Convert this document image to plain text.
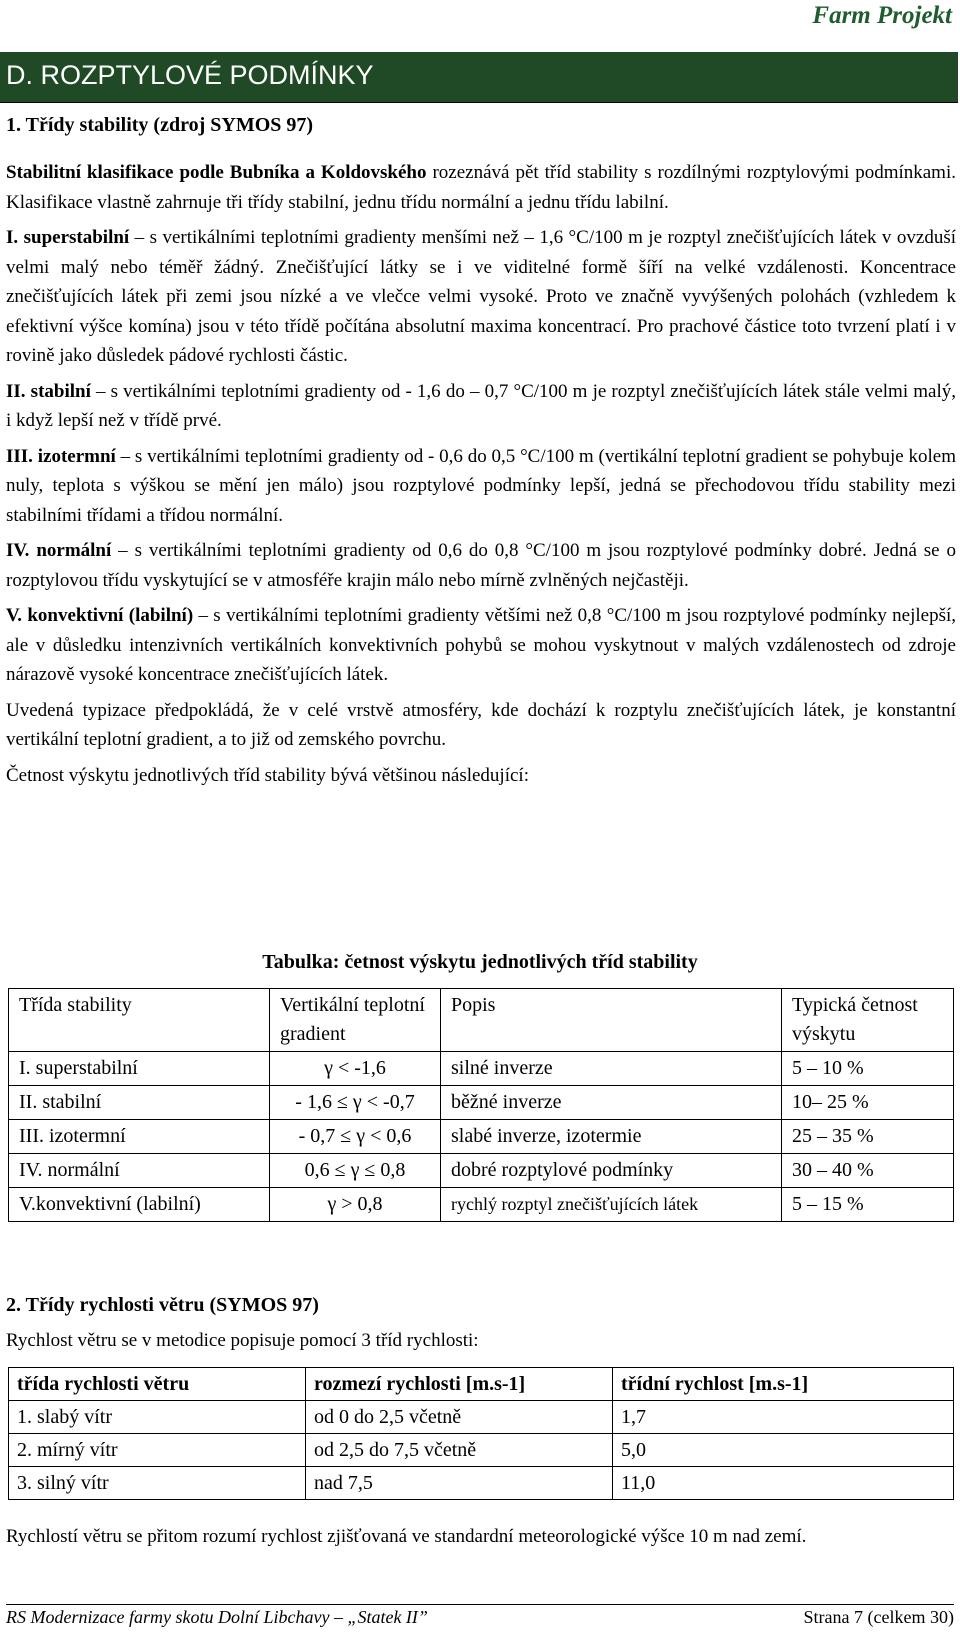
Farm Projekt
D. ROZPTYLOVÉ PODMÍNKY
1. Třídy stability (zdroj SYMOS 97)

Stabilitní klasifikace podle Bubníka a Koldovského rozeznává pět tříd stability s rozdílnými rozptylovými podmínkami. Klasifikace vlastně zahrnuje tři třídy stabilní, jednu třídu normální a jednu třídu labilní.

I. superstabilní – s vertikálními teplotními gradienty menšími než – 1,6 °C/100 m je rozptyl znečišťujících látek v ovzduší velmi malý nebo téměř žádný. Znečišťující látky se i ve viditelné formě šíří na velké vzdálenosti. Koncentrace znečišťujících látek při zemi jsou nízké a ve vlečce velmi vysoké. Proto ve značně vyvýšených polohách (vzhledem k efektivní výšce komína) jsou v této třídě počítána absolutní maxima koncentrací. Pro prachové částice toto tvrzení platí i v rovině jako důsledek pádové rychlosti částic.

II. stabilní – s vertikálními teplotními gradienty od - 1,6 do – 0,7 °C/100 m je rozptyl znečišťujících látek stále velmi malý, i když lepší než v třídě prvé.

III. izotermní – s vertikálními teplotními gradienty od - 0,6 do 0,5 °C/100 m (vertikální teplotní gradient se pohybuje kolem nuly, teplota s výškou se mění jen málo) jsou rozptylové podmínky lepší, jedná se přechodovou třídu stability mezi stabilními třídami a třídou normální.

IV. normální – s vertikálními teplotními gradienty od 0,6 do 0,8 °C/100 m jsou rozptylové podmínky dobré. Jedná se o rozptylovou třídu vyskytující se v atmosféře krajin málo nebo mírně zvlněných nejčastěji.

V. konvektivní (labilní) – s vertikálními teplotními gradienty většími než 0,8 °C/100 m jsou rozptylové podmínky nejlepší, ale v důsledku intenzivních vertikálních konvektivních pohybů se mohou vyskytnout v malých vzdálenostech od zdroje nárazově vysoké koncentrace znečišťujících látek.

Uvedená typizace předpokládá, že v celé vrstvě atmosféry, kde dochází k rozptylu znečišťujících látek, je konstantní vertikální teplotní gradient, a to již od zemského povrchu.

Četnost výskytu jednotlivých tříd stability bývá většinou následující:

Tabulka: četnost výskytu jednotlivých tříd stability
Třída stability	Vertikální teplotní gradient	Popis	Typická četnost výskytu
I. superstabilní	γ < -1,6	silné inverze	5 – 10 %
II. stabilní	- 1,6 ≤ γ < -0,7	běžné inverze	10– 25 %
III. izotermní	- 0,7 ≤ γ < 0,6	slabé inverze, izotermie	25 – 35 %
IV. normální	0,6 ≤ γ ≤ 0,8	dobré rozptylové podmínky	30 – 40 %
V.konvektivní (labilní)	γ > 0,8	rychlý rozptyl znečišťujících látek	5 – 15 %
2. Třídy rychlosti větru (SYMOS 97)
Rychlost větru se v metodice popisuje pomocí 3 tříd rychlosti:
třída rychlosti větru	rozmezí rychlosti [m.s-1]	třídní rychlost [m.s-1]
1. slabý vítr	od 0 do 2,5 včetně	1,7
2. mírný vítr	od 2,5 do 7,5 včetně	5,0
3. silný vítr	nad 7,5	11,0
Rychlostí větru se přitom rozumí rychlost zjišťovaná ve standardní meteorologické výšce 10 m nad zemí.
RS Modernizace farmy skotu Dolní Libchavy – „Statek II”	Strana 7 (celkem 30)
